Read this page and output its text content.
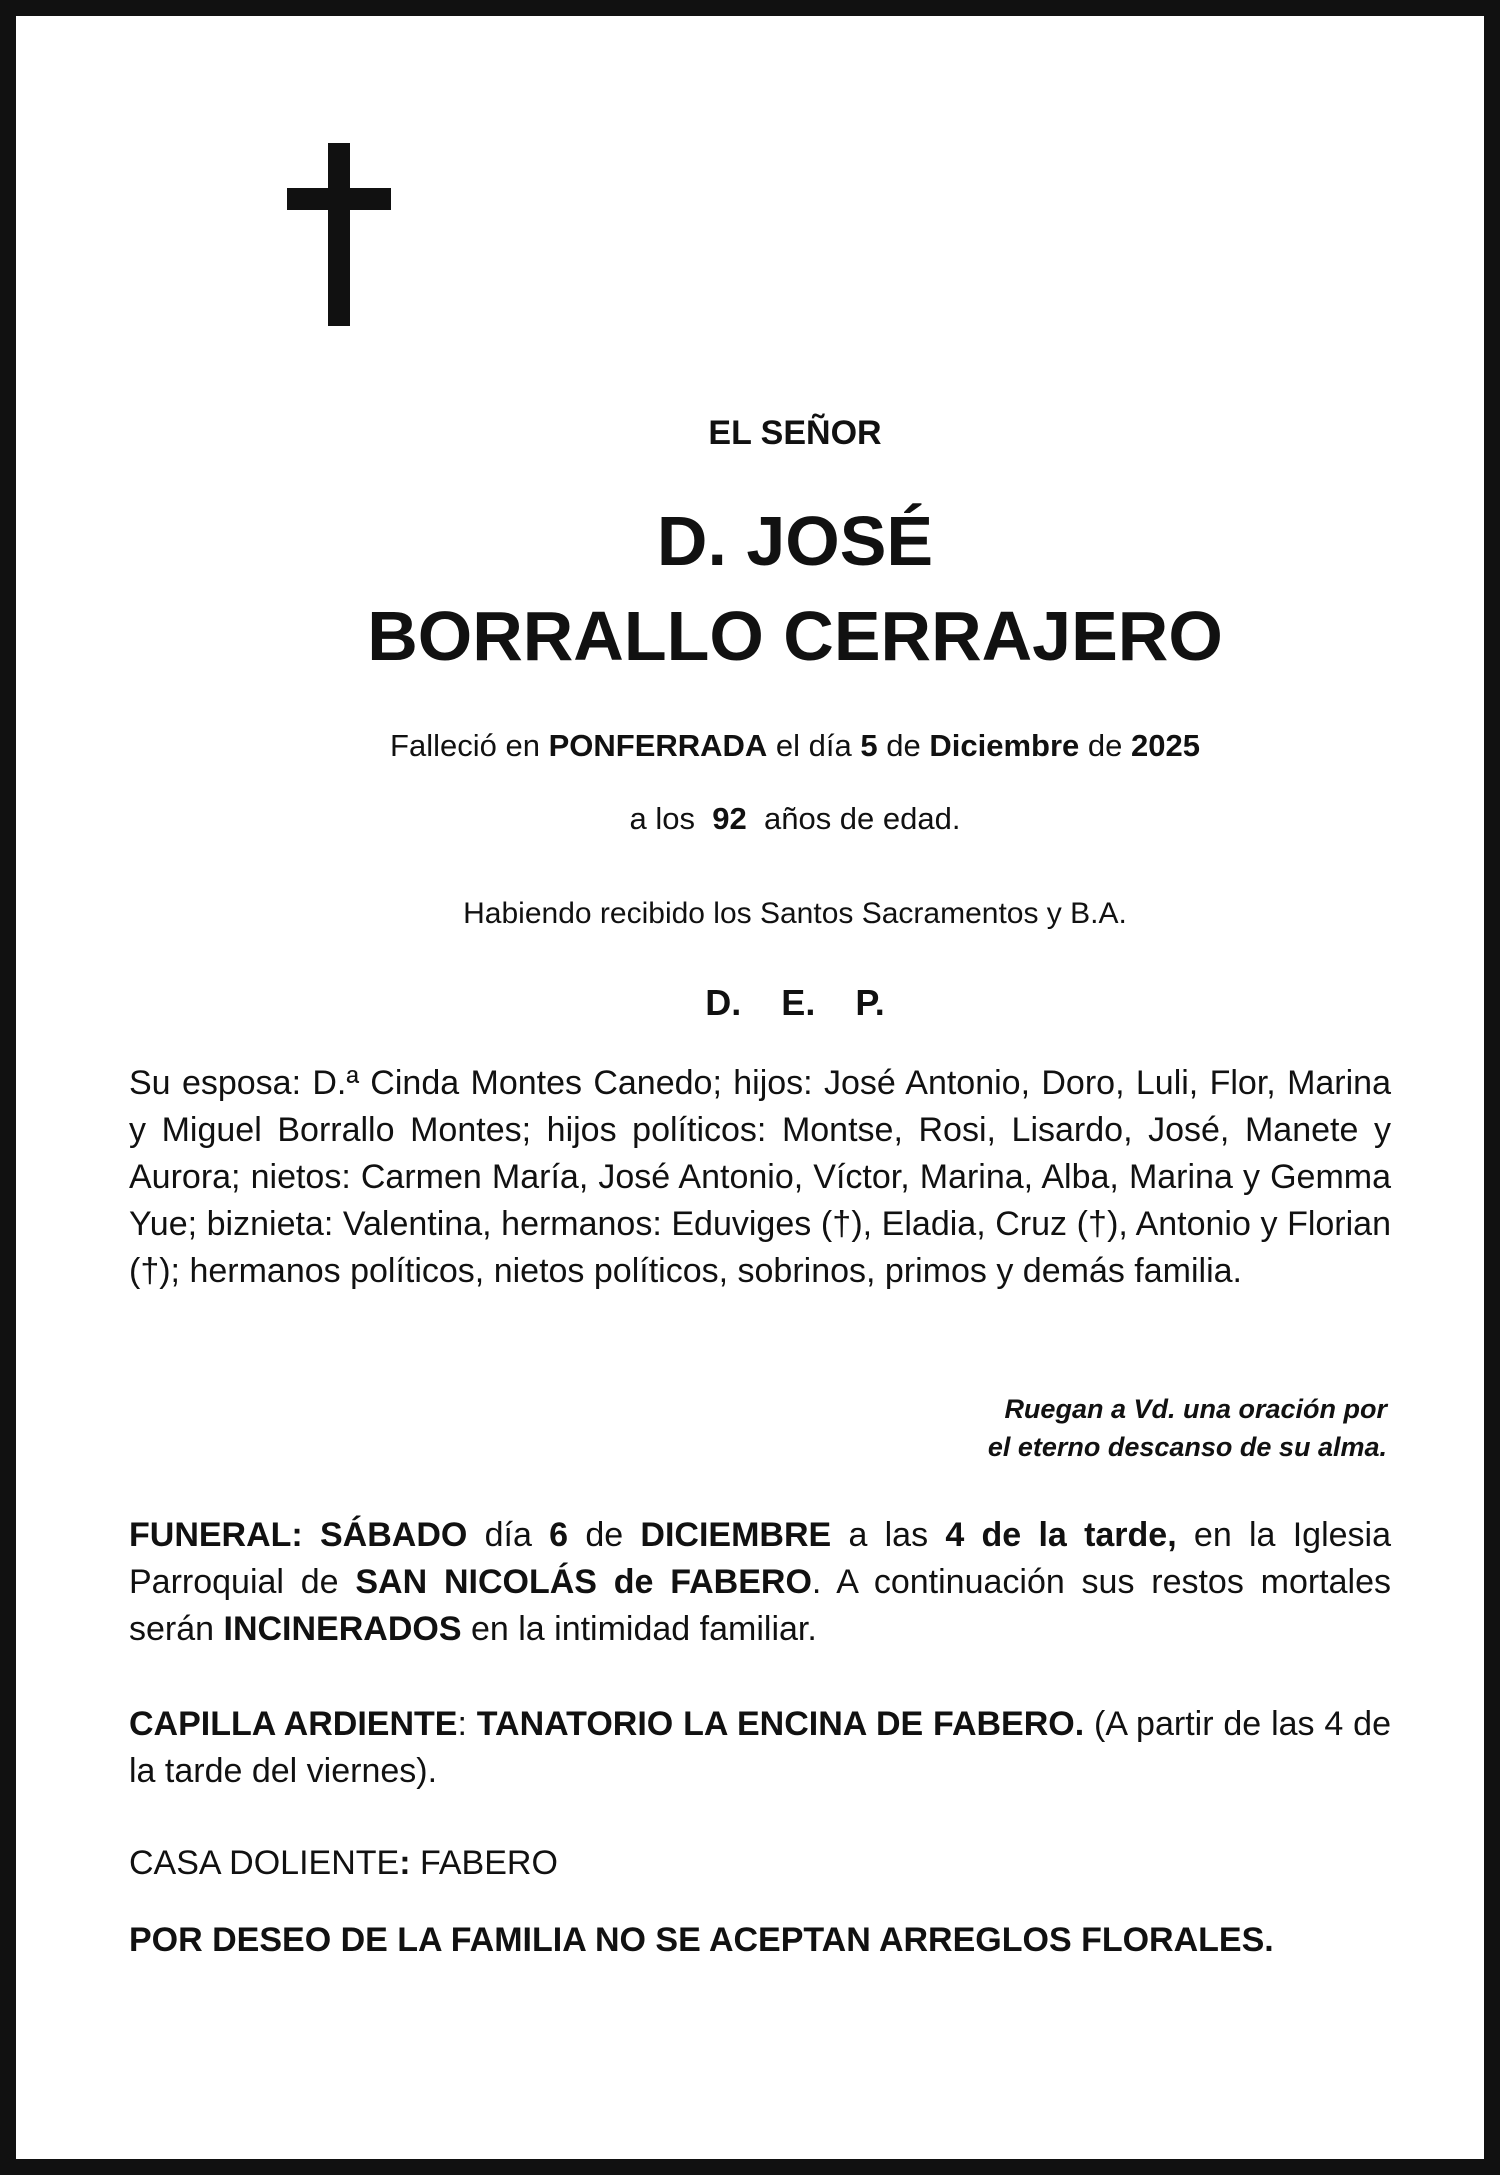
EL SEÑOR
D. JOSÉ
BORRALLO CERRAJERO
Falleció en PONFERRADA el día 5 de Diciembre de 2025
a los  92  años de edad.
Habiendo recibido los Santos Sacramentos y B.A.
D.    E.    P.
Su esposa: D.ª Cinda Montes Canedo; hijos: José Antonio, Doro, Luli, Flor, Marina y Miguel Borrallo Montes; hijos políticos: Montse, Rosi, Lisardo, José, Manete y Aurora; nietos: Carmen María, José Antonio, Víctor, Marina, Alba, Marina y Gemma Yue; biznieta: Valentina, hermanos: Eduviges (†), Eladia, Cruz (†), Antonio y Florian (†); hermanos políticos, nietos políticos, sobrinos, primos y demás familia.
Ruegan a Vd. una oración por
el eterno descanso de su alma.
FUNERAL: SÁBADO día 6 de DICIEMBRE a las 4 de la tarde, en la Iglesia Parroquial de SAN NICOLÁS de FABERO. A continuación sus restos mortales serán INCINERADOS en la intimidad familiar.
CAPILLA ARDIENTE: TANATORIO LA ENCINA DE FABERO. (A partir de las 4 de la tarde del viernes).
CASA DOLIENTE: FABERO
POR DESEO DE LA FAMILIA NO SE ACEPTAN ARREGLOS FLORALES.
